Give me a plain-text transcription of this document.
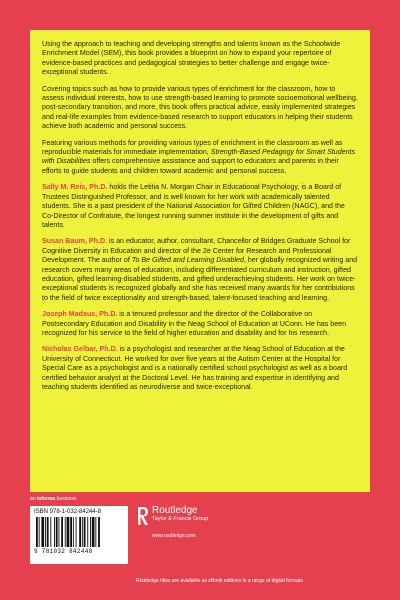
Using the approach to teaching and developing strengths and talents known as the Schoolwide Enrichment Model (SEM), this book provides a blueprint on how to expand your repertoire of evidence-based practices and pedagogical strategies to better challenge and engage twice-exceptional students.

Covering topics such as how to provide various types of enrichment for the classroom, how to assess individual interests, how to use strength-based learning to promote socioemotional wellbeing, post-secondary transition, and more, this book offers practical advice, easily implemented strategies and real-life examples from evidence-based research to support educators in helping their students achieve both academic and personal success.

Featuring various methods for providing various types of enrichment in the classroom as well as reproducible materials for immediate implementation, Strength-Based Pedagogy for Smart Students with Disabilities offers comprehensive assistance and support to educators and parents in their efforts to guide students and children toward academic and personal success.

Sally M. Reis, Ph.D. holds the Letitia N. Morgan Chair in Educational Psychology, is a Board of Trustees Distinguished Professor, and is well known for her work with academically talented students. She is a past president of the National Association for Gifted Children (NAGC), and the Co-Director of Confratute, the longest running summer institute in the development of gifts and talents.

Susan Baum, Ph.D. is an educator, author, consultant, Chancellor of Bridges Graduate School for Cognitive Diversity in Education and director of the 2e Center for Research and Professional Development. The author of To Be Gifted and Learning Disabled, her globally recognized writing and research covers many areas of education, including differentiated curriculum and instruction, gifted education, gifted learning-disabled students, and gifted underachieving students. Her work on twice-exceptional students is recognized globally and she has received many awards for her contributions to the field of twice exceptionality and strength-based, talent-focused teaching and learning.

Joseph Madaus, Ph.D. is a tenured professor and the director of the Collaborative on Postsecondary Education and Disability in the Neag School of Education at UConn. He has been recognized for his service to the field of higher education and disability and for his research.

Nicholas Gelbar, Ph.D. is a psychologist and researcher at the Neag School of Education at the University of Connecticut. He worked for over five years at the Autism Center at the Hospital for Special Care as a psychologist and is a nationally certified school psychologist as well as a board certified behavior analyst at the Doctoral Level. He has training and expertise in identifying and teaching students identified as neurodiverse and twice-exceptional.

an informa business
ISBN 978-1-032-84244-8
9 781032 842448
Routledge
Taylor & Francis Group
www.routledge.com
Routledge titles are available as eBook editions in a range of digital formats
